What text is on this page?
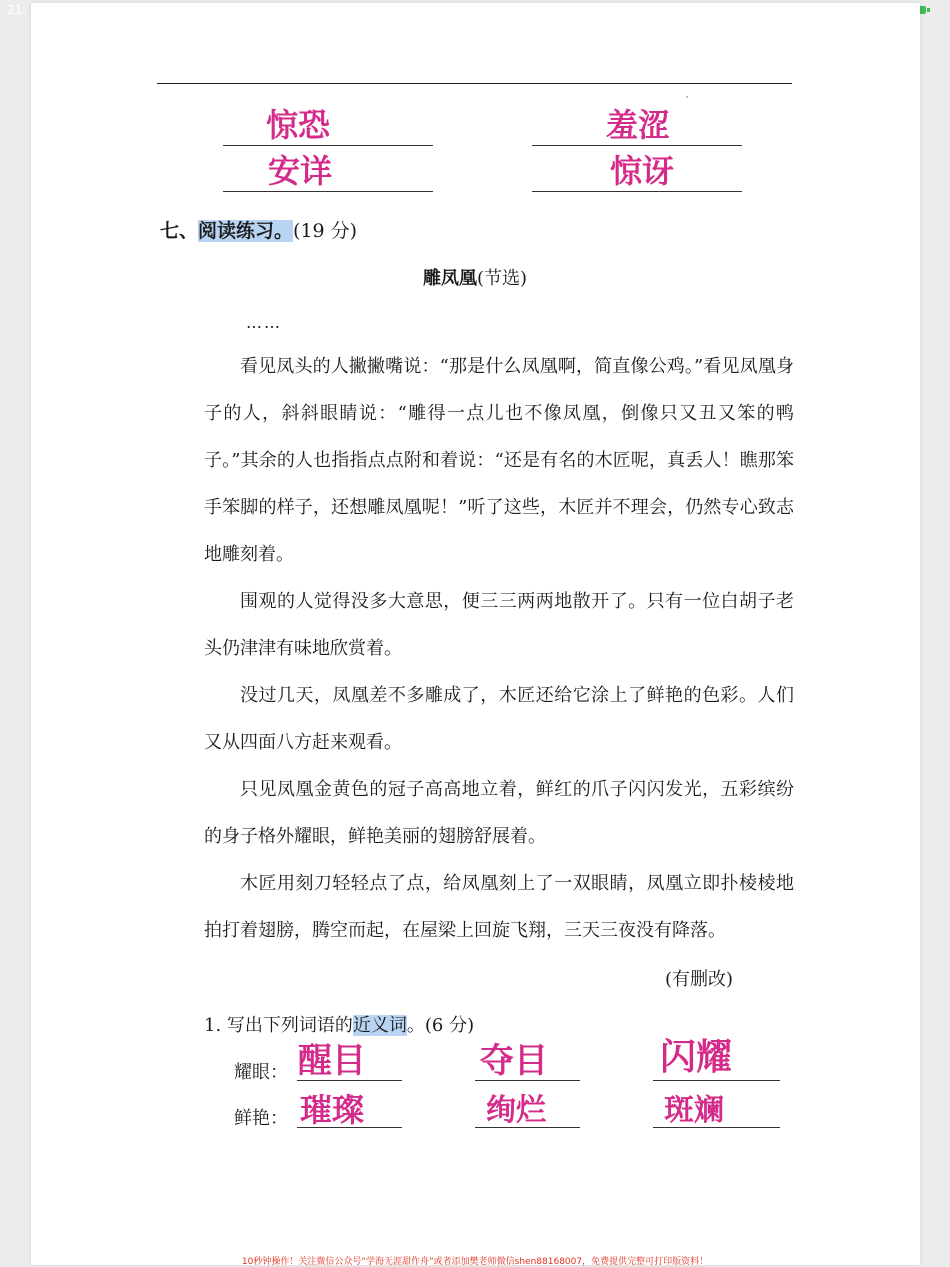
21:
惊恐	羞涩
安详	惊讶
七、阅读练习。(19 分)
雕凤凰(节选)
……

看见凤头的人撇撇嘴说：“那是什么凤凰啊，简直像公鸡。”看见凤凰身子的人，斜斜眼睛说：“雕得一点儿也不像凤凰，倒像只又丑又笨的鸭子。”其余的人也指指点点附和着说：“还是有名的木匠呢，真丢人！瞧那笨手笨脚的样子，还想雕凤凰呢！”听了这些，木匠并不理会，仍然专心致志地雕刻着。

围观的人觉得没多大意思，便三三两两地散开了。只有一位白胡子老头仍津津有味地欣赏着。

没过几天，凤凰差不多雕成了，木匠还给它涂上了鲜艳的色彩。人们又从四面八方赶来观看。

只见凤凰金黄色的冠子高高地立着，鲜红的爪子闪闪发光，五彩缤纷的身子格外耀眼，鲜艳美丽的翅膀舒展着。

木匠用刻刀轻轻点了点，给凤凰刻上了一双眼睛，凤凰立即扑棱棱地拍打着翅膀，腾空而起，在屋梁上回旋飞翔，三天三夜没有降落。

(有删改)
1. 写出下列词语的近义词。(6 分)
耀眼： 醒目	夺目	闪耀
鲜艳： 璀璨	绚烂	斑斓
10秒钟操作！关注微信公众号“学海无涯甜作舟”或者添加樊老师微信shen88168007，免费提供完整可打印版资料！
